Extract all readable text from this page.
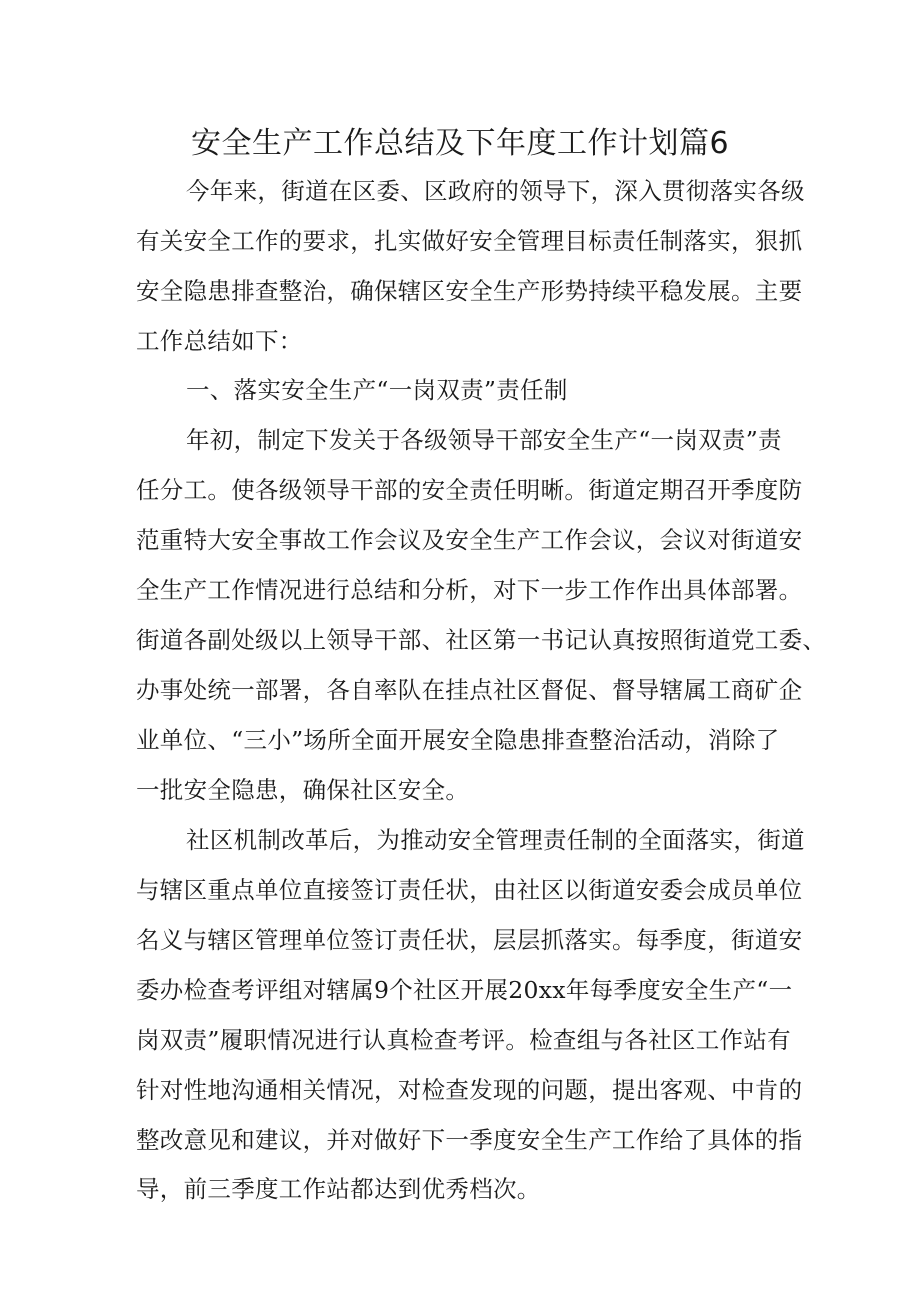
安全生产工作总结及下年度工作计划篇6

今年来，街道在区委、区政府的领导下，深入贯彻落实各级

有关安全工作的要求，扎实做好安全管理目标责任制落实，狠抓

安全隐患排查整治，确保辖区安全生产形势持续平稳发展。主要

工作总结如下：

一、落实安全生产“一岗双责”责任制

年初，制定下发关于各级领导干部安全生产“一岗双责”责

任分工。使各级领导干部的安全责任明晰。街道定期召开季度防

范重特大安全事故工作会议及安全生产工作会议，会议对街道安

全生产工作情况进行总结和分析，对下一步工作作出具体部署。

街道各副处级以上领导干部、社区第一书记认真按照街道党工委、

办事处统一部署，各自率队在挂点社区督促、督导辖属工商矿企

业单位、“三小”场所全面开展安全隐患排查整治活动，消除了

一批安全隐患，确保社区安全。

社区机制改革后，为推动安全管理责任制的全面落实，街道

与辖区重点单位直接签订责任状，由社区以街道安委会成员单位

名义与辖区管理单位签订责任状，层层抓落实。每季度，街道安

委办检查考评组对辖属9个社区开展20xx年每季度安全生产“一

岗双责”履职情况进行认真检查考评。检查组与各社区工作站有

针对性地沟通相关情况，对检查发现的问题，提出客观、中肯的

整改意见和建议，并对做好下一季度安全生产工作给了具体的指

导，前三季度工作站都达到优秀档次。
